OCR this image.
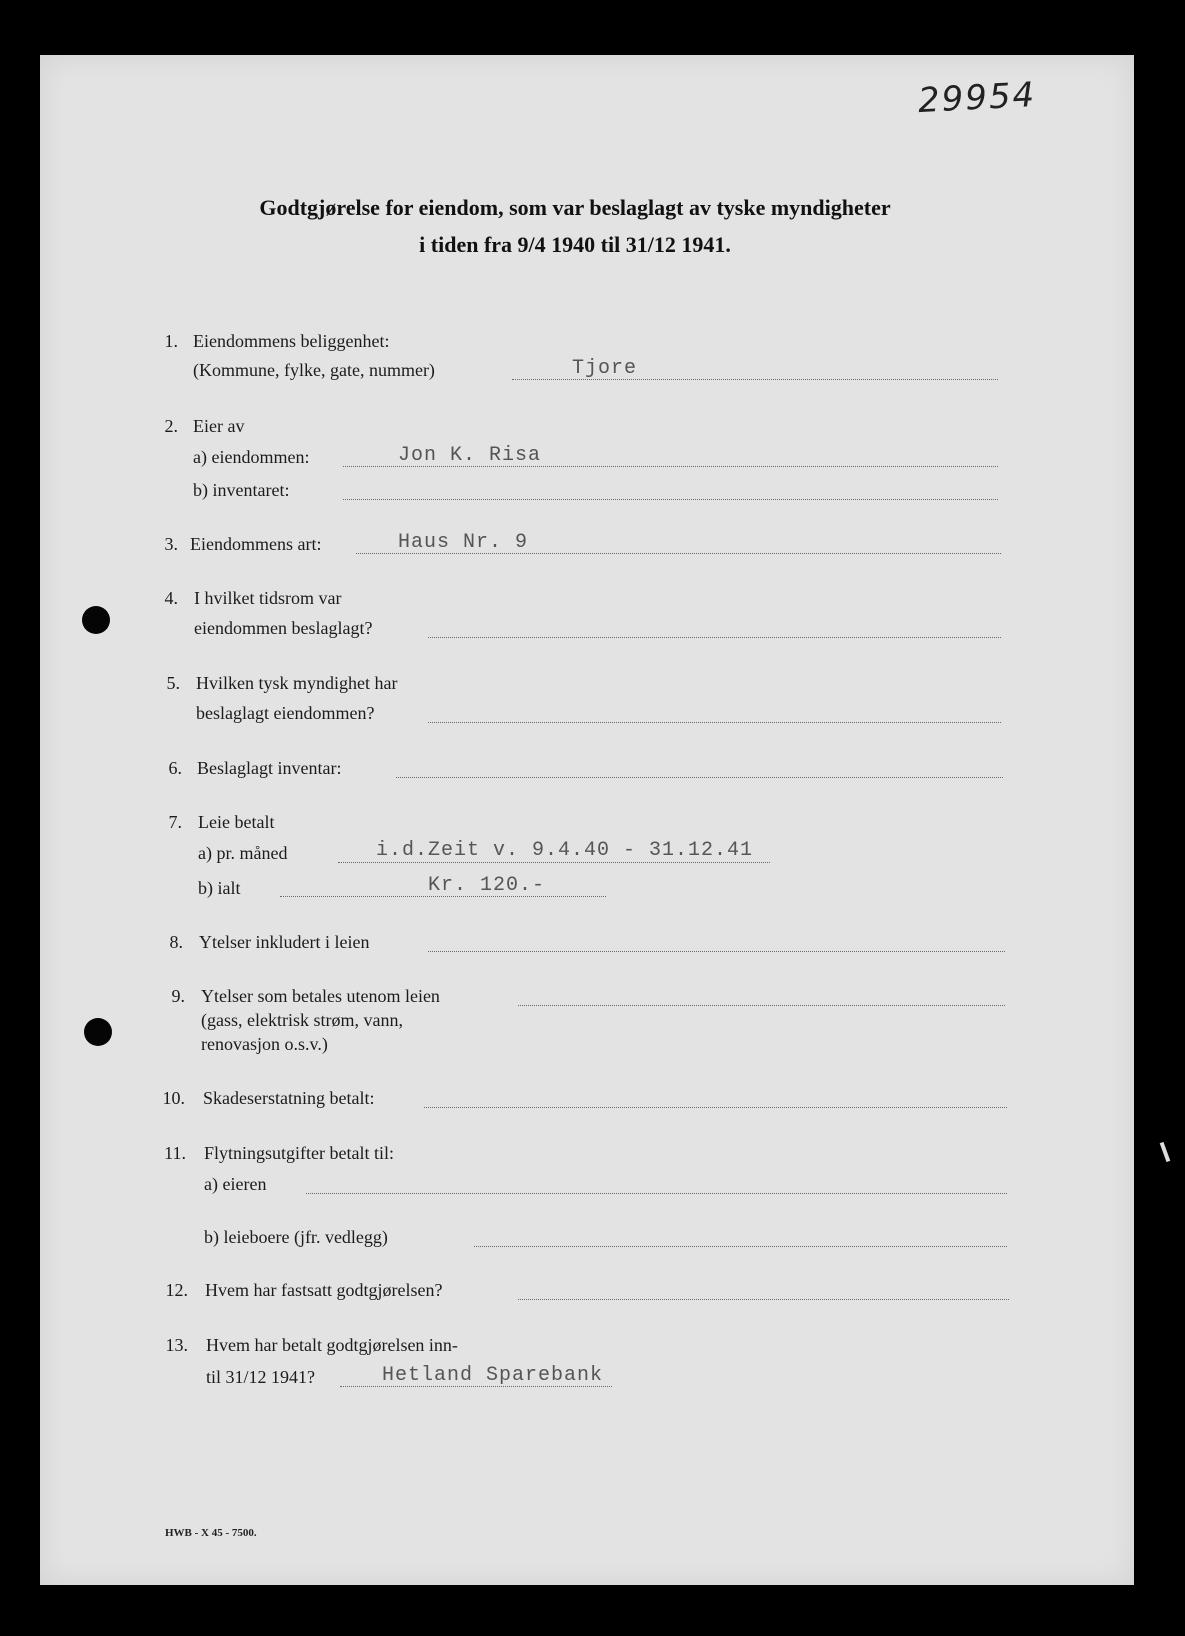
29954
Godtgjørelse for eiendom, som var beslaglagt av tyske myndigheter
i tiden fra 9/4 1940 til 31/12 1941.
1. Eiendommens beliggenhet:
(Kommune, fylke, gate, nummer)	Tjore
2. Eier av
a) eiendommen:	Jon K. Risa
b) inventaret:
3. Eiendommens art:	Haus Nr. 9
4. I hvilket tidsrom var
eiendommen beslaglagt?
5. Hvilken tysk myndighet har
beslaglagt eiendommen?
6. Beslaglagt inventar:
7. Leie betalt
a) pr. måned	i.d.Zeit v. 9.4.40 - 31.12.41
b) ialt	Kr. 120.-
8. Ytelser inkludert i leien
9. Ytelser som betales utenom leien
(gass, elektrisk strøm, vann,
renovasjon o.s.v.)
10. Skadeserstatning betalt:
11. Flytningsutgifter betalt til:
a) eieren
b) leieboere (jfr. vedlegg)
12. Hvem har fastsatt godtgjørelsen?
13. Hvem har betalt godtgjørelsen inn-
til 31/12 1941?	Hetland Sparebank
HWB - X 45 - 7500.
